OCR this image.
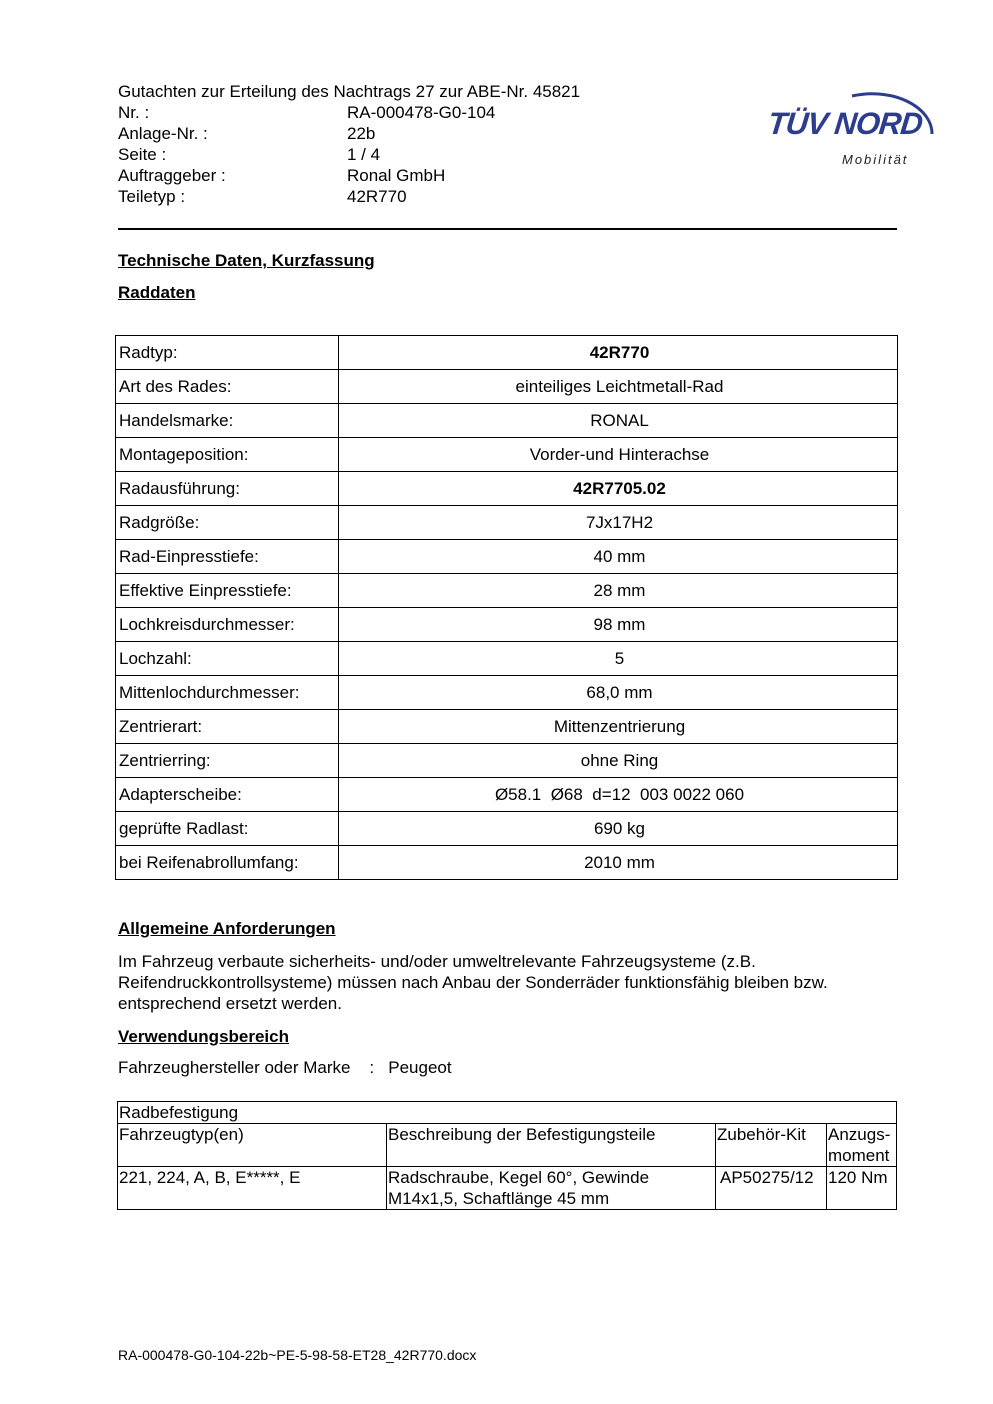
Gutachten zur Erteilung des Nachtrags 27 zur ABE-Nr. 45821
Nr. :	RA-000478-G0-104
Anlage-Nr. :	22b
Seite :	1 / 4
Auftraggeber :	Ronal GmbH
Teiletyp :	42R770
TÜV NORD
Mobilität
Technische Daten, Kurzfassung
Raddaten
Radtyp:	42R770
Art des Rades:	einteiliges Leichtmetall-Rad
Handelsmarke:	RONAL
Montageposition:	Vorder-und Hinterachse
Radausführung:	42R7705.02
Radgröße:	7Jx17H2
Rad-Einpresstiefe:	40 mm
Effektive Einpresstiefe:	28 mm
Lochkreisdurchmesser:	98 mm
Lochzahl:	5
Mittenlochdurchmesser:	68,0 mm
Zentrierart:	Mittenzentrierung
Zentrierring:	ohne Ring
Adapterscheibe:	Ø58.1  Ø68  d=12  003 0022 060
geprüfte Radlast:	690 kg
bei Reifenabrollumfang:	2010 mm
Allgemeine Anforderungen
Im Fahrzeug verbaute sicherheits- und/oder umweltrelevante Fahrzeugsysteme (z.B. Reifendruckkontrollsysteme) müssen nach Anbau der Sonderräder funktionsfähig bleiben bzw. entsprechend ersetzt werden.
Verwendungsbereich
Fahrzeughersteller oder Marke : Peugeot
Radbefestigung			
Fahrzeugtyp(en)	Beschreibung der Befestigungsteile	Zubehör-Kit	Anzugs-moment
221, 224, A, B, E*****, E	Radschraube, Kegel 60°, Gewinde M14x1,5, Schaftlänge 45 mm	AP50275/12	120 Nm
RA-000478-G0-104-22b~PE-5-98-58-ET28_42R770.docx
